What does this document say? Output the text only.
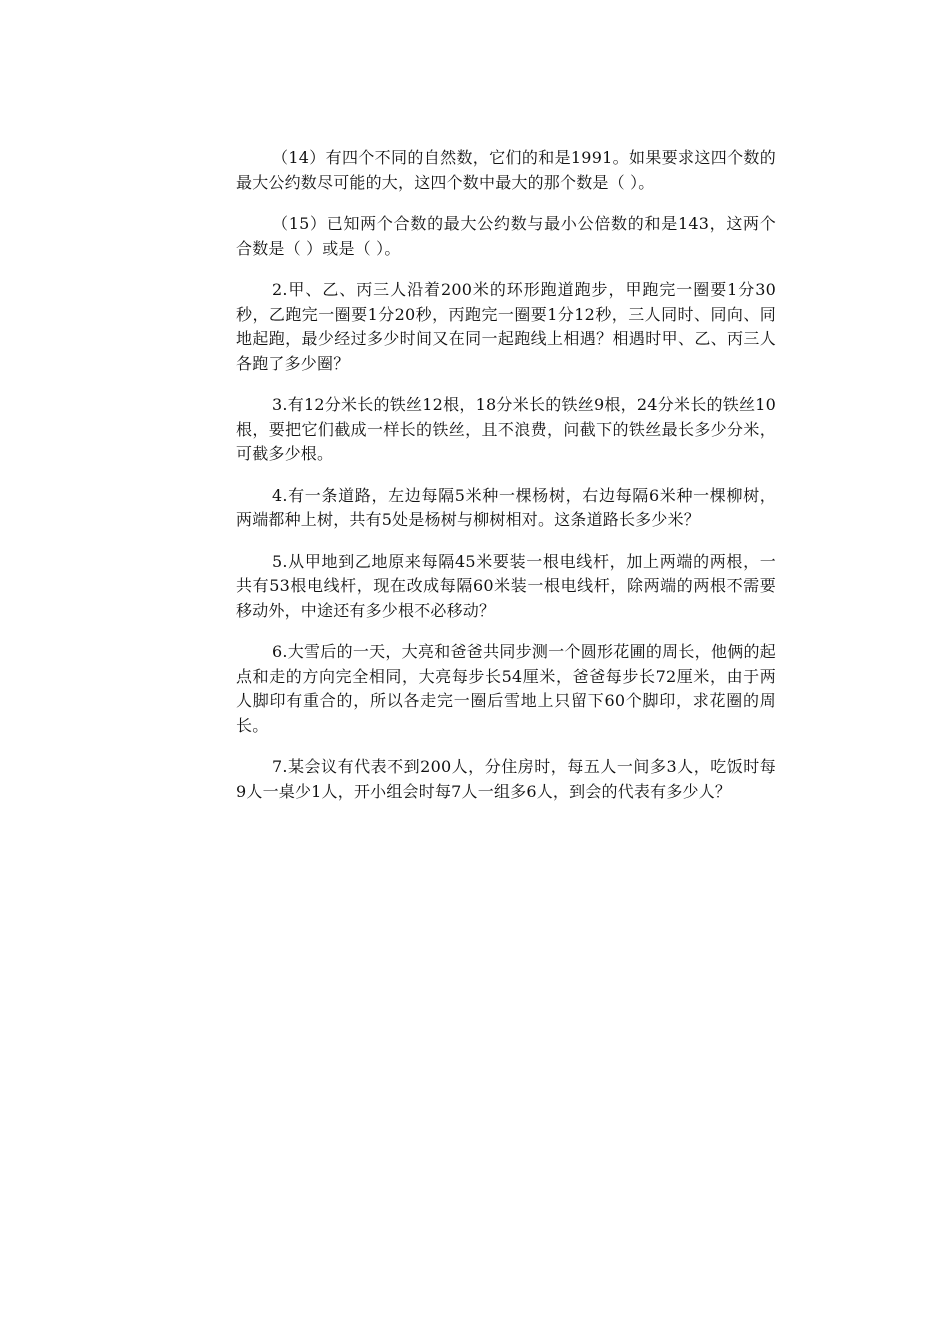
（14）有四个不同的自然数，它们的和是1991。如果要求这四个数的最大公约数尽可能的大，这四个数中最大的那个数是（ ）。

（15）已知两个合数的最大公约数与最小公倍数的和是143，这两个合数是（ ）或是（ ）。

2.甲、乙、丙三人沿着200米的环形跑道跑步，甲跑完一圈要1分30秒，乙跑完一圈要1分20秒，丙跑完一圈要1分12秒，三人同时、同向、同地起跑，最少经过多少时间又在同一起跑线上相遇？相遇时甲、乙、丙三人各跑了多少圈？

3.有12分米长的铁丝12根，18分米长的铁丝9根，24分米长的铁丝10根，要把它们截成一样长的铁丝，且不浪费，问截下的铁丝最长多少分米，可截多少根。

4.有一条道路，左边每隔5米种一棵杨树，右边每隔6米种一棵柳树，两端都种上树，共有5处是杨树与柳树相对。这条道路长多少米？

5.从甲地到乙地原来每隔45米要装一根电线杆，加上两端的两根，一共有53根电线杆，现在改成每隔60米装一根电线杆，除两端的两根不需要移动外，中途还有多少根不必移动？

6.大雪后的一天，大亮和爸爸共同步测一个圆形花圃的周长，他俩的起点和走的方向完全相同，大亮每步长54厘米，爸爸每步长72厘米，由于两人脚印有重合的，所以各走完一圈后雪地上只留下60个脚印，求花圈的周长。

7.某会议有代表不到200人，分住房时，每五人一间多3人，吃饭时每9人一桌少1人，开小组会时每7人一组多6人，到会的代表有多少人？
